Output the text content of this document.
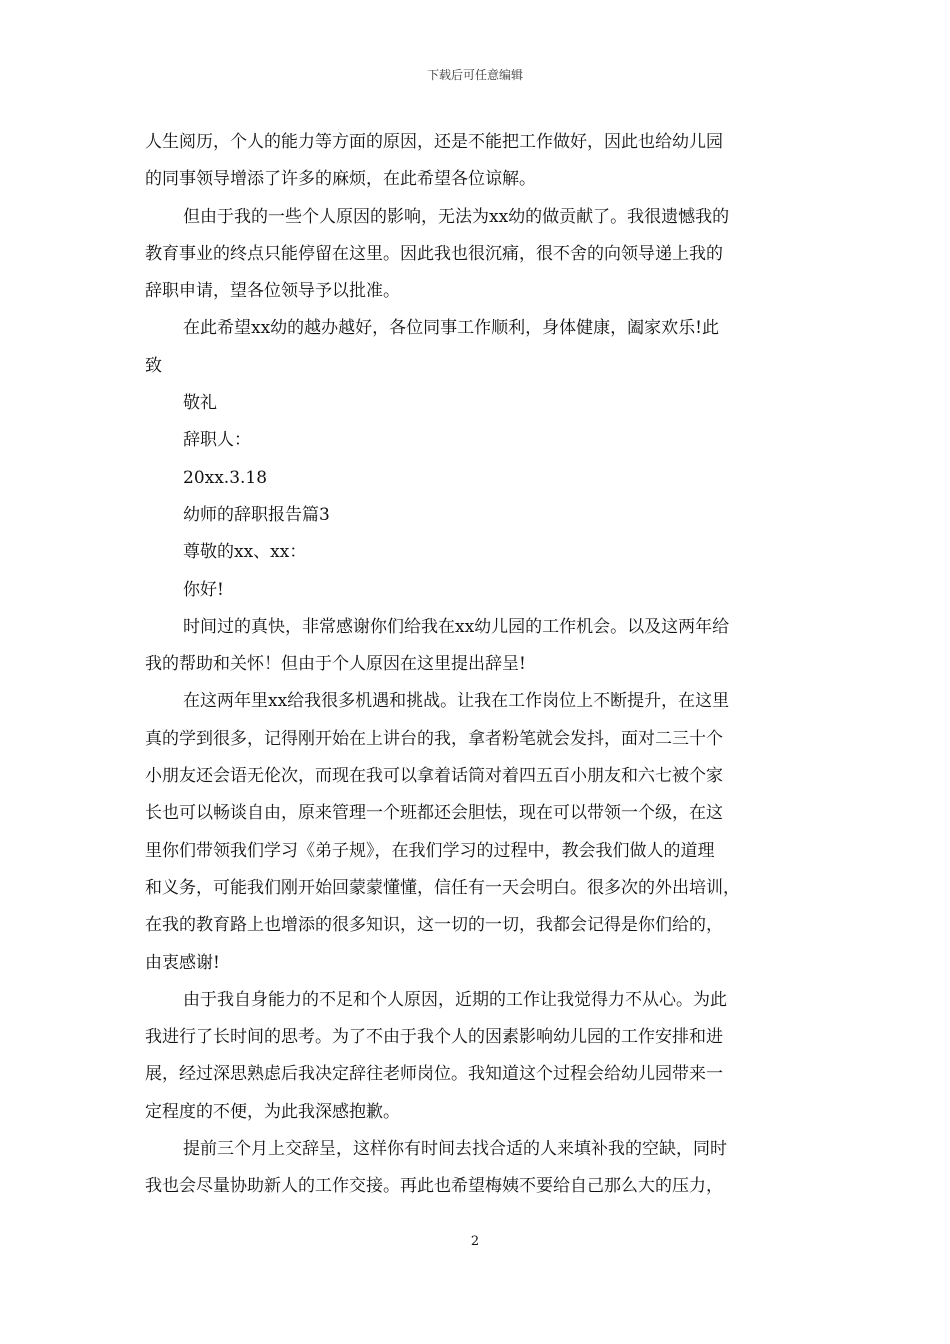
下载后可任意编辑

人生阅历，个人的能力等方面的原因，还是不能把工作做好，因此也给幼儿园

的同事领导增添了许多的麻烦，在此希望各位谅解。

但由于我的一些个人原因的影响，无法为xx幼的做贡献了。我很遗憾我的

教育事业的终点只能停留在这里。因此我也很沉痛，很不舍的向领导递上我的

辞职申请，望各位领导予以批准。

在此希望xx幼的越办越好，各位同事工作顺利，身体健康，阖家欢乐!此

致

敬礼

辞职人：

20xx.3.18

幼师的辞职报告篇3

尊敬的xx、xx：

你好!

时间过的真快，非常感谢你们给我在xx幼儿园的工作机会。以及这两年给

我的帮助和关怀！但由于个人原因在这里提出辞呈!

在这两年里xx给我很多机遇和挑战。让我在工作岗位上不断提升，在这里

真的学到很多，记得刚开始在上讲台的我，拿者粉笔就会发抖，面对二三十个

小朋友还会语无伦次，而现在我可以拿着话筒对着四五百小朋友和六七被个家

长也可以畅谈自由，原来管理一个班都还会胆怯，现在可以带领一个级，在这

里你们带领我们学习《弟子规》，在我们学习的过程中，教会我们做人的道理

和义务，可能我们刚开始回蒙蒙懂懂，信任有一天会明白。很多次的外出培训，

在我的教育路上也增添的很多知识，这一切的一切，我都会记得是你们给的，

由衷感谢!

由于我自身能力的不足和个人原因，近期的工作让我觉得力不从心。为此

我进行了长时间的思考。为了不由于我个人的因素影响幼儿园的工作安排和进

展，经过深思熟虑后我决定辞往老师岗位。我知道这个过程会给幼儿园带来一

定程度的不便，为此我深感抱歉。

提前三个月上交辞呈，这样你有时间去找合适的人来填补我的空缺，同时

我也会尽量协助新人的工作交接。再此也希望梅姨不要给自己那么大的压力，

2
